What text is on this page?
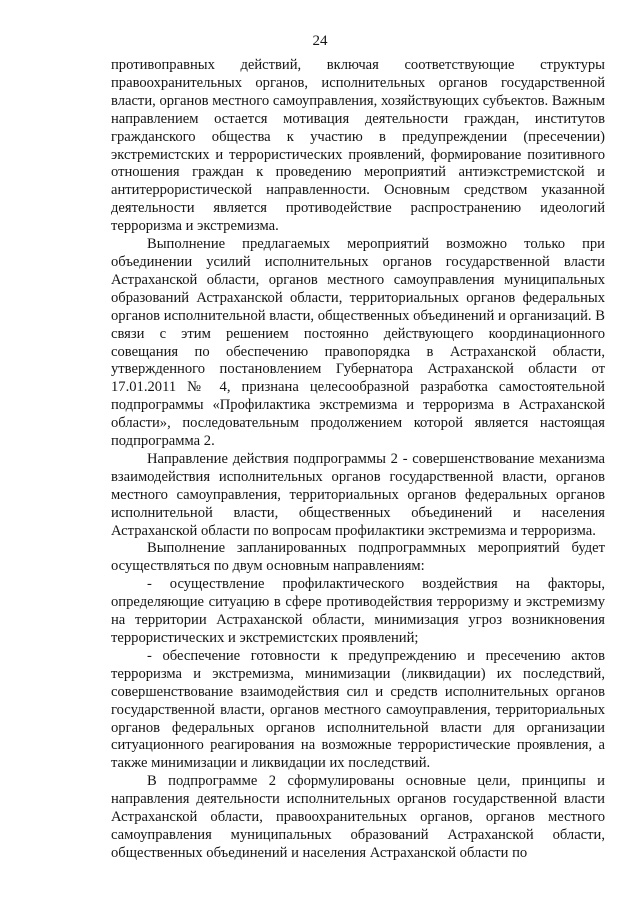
24

противоправных действий, включая соответствующие структуры правоохранительных органов, исполнительных органов государственной власти, органов местного самоуправления, хозяйствующих субъектов. Важным направлением остается мотивация деятельности граждан, институтов гражданского общества к участию в предупреждении (пресечении) экстремистских и террористических проявлений, формирование позитивного отношения граждан к проведению мероприятий антиэкстремистской и антитеррористической направленности. Основным средством указанной деятельности является противодействие распространению идеологий терроризма и экстремизма.

Выполнение предлагаемых мероприятий возможно только при объединении усилий исполнительных органов государственной власти Астраханской области, органов местного самоуправления муниципальных образований Астраханской области, территориальных органов федеральных органов исполнительной власти, общественных объединений и организаций. В связи с этим решением постоянно действующего координационного совещания по обеспечению правопорядка в Астраханской области, утвержденного постановлением Губернатора Астраханской области от 17.01.2011 № 4, признана целесообразной разработка самостоятельной подпрограммы «Профилактика экстремизма и терроризма в Астраханской области», последовательным продолжением которой является настоящая подпрограмма 2.

Направление действия подпрограммы 2 - совершенствование механизма взаимодействия исполнительных органов государственной власти, органов местного самоуправления, территориальных органов федеральных органов исполнительной власти, общественных объединений и населения Астраханской области по вопросам профилактики экстремизма и терроризма.

Выполнение запланированных подпрограммных мероприятий будет осуществляться по двум основным направлениям:

- осуществление профилактического воздействия на факторы, определяющие ситуацию в сфере противодействия терроризму и экстремизму на территории Астраханской области, минимизация угроз возникновения террористических и экстремистских проявлений;

- обеспечение готовности к предупреждению и пресечению актов терроризма и экстремизма, минимизации (ликвидации) их последствий, совершенствование взаимодействия сил и средств исполнительных органов государственной власти, органов местного самоуправления, территориальных органов федеральных органов исполнительной власти для организации ситуационного реагирования на возможные террористические проявления, а также минимизации и ликвидации их последствий.

В подпрограмме 2 сформулированы основные цели, принципы и направления деятельности исполнительных органов государственной власти Астраханской области, правоохранительных органов, органов местного самоуправления муниципальных образований Астраханской области, общественных объединений и населения Астраханской области по
